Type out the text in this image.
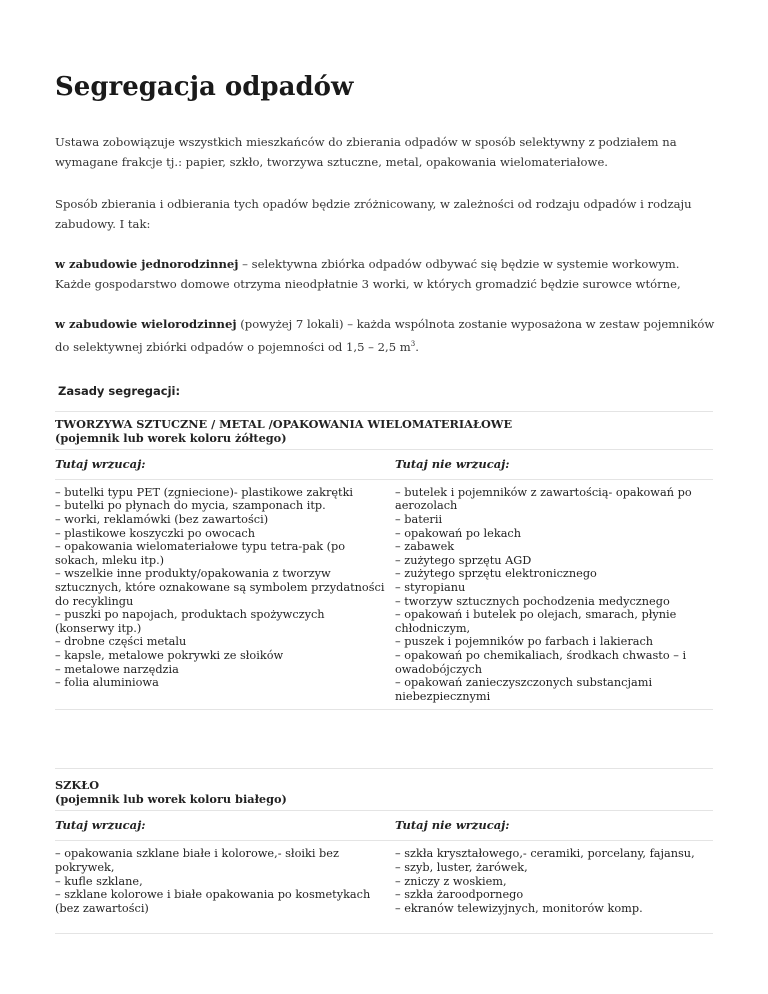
Segregacja odpadów

Ustawa zobowiązuje wszystkich mieszkańców do zbierania odpadów w sposób selektywny z podziałem na wymagane frakcje tj.: papier, szkło, tworzywa sztuczne, metal, opakowania wielomateriałowe.

Sposób zbierania i odbierania tych opadów będzie zróżnicowany, w zależności od rodzaju odpadów i rodzaju zabudowy. I tak:

w zabudowie jednorodzinnej – selektywna zbiórka odpadów odbywać się będzie w systemie workowym. Każde gospodarstwo domowe otrzyma nieodpłatnie 3 worki, w których gromadzić będzie surowce wtórne,

w zabudowie wielorodzinnej (powyżej 7 lokali) – każda wspólnota zostanie wyposażona w zestaw pojemników do selektywnej zbiórki odpadów o pojemności od 1,5 – 2,5 $m^3$.

Zasady segregacji:
TWORZYWA SZTUCZNE / METAL /OPAKOWANIA WIELOMATERIAŁOWE
(pojemnik lub worek koloru żółtego)
Tutaj wrzucaj:	Tutaj nie wrzucaj:
– butelki typu PET (zgniecione)- plastikowe zakrętki
– butelki po płynach do mycia, szamponach itp.
– worki, reklamówki (bez zawartości)
– plastikowe koszyczki po owocach
– opakowania wielomateriałowe typu tetra-pak (po sokach, mleku itp.)
– wszelkie inne produkty/opakowania z tworzyw sztucznych, które oznakowane są symbolem przydatności do recyklingu
– puszki po napojach, produktach spożywczych (konserwy itp.)
– drobne części metalu
– kapsle, metalowe pokrywki ze słoików
– metalowe narzędzia
– folia aluminiowa
– butelek i pojemników z zawartością- opakowań po aerozolach
– baterii
– opakowań po lekach
– zabawek
– zużytego sprzętu AGD
– zużytego sprzętu elektronicznego
– styropianu
– tworzyw sztucznych pochodzenia medycznego
– opakowań i butelek po olejach, smarach, płynie chłodniczym,
– puszek i pojemników po farbach i lakierach
– opakowań po chemikaliach, środkach chwasto – i owadobójczych
– opakowań zanieczyszczonych substancjami niebezpiecznymi
SZKŁO
(pojemnik lub worek koloru białego)
Tutaj wrzucaj:	Tutaj nie wrzucaj:
– opakowania szklane białe i kolorowe,- słoiki bez pokrywek,
– kufle szklane,
– szklane kolorowe i białe opakowania po kosmetykach (bez zawartości)
– szkła kryształowego,- ceramiki, porcelany, fajansu,
– szyb, luster, żarówek,
– zniczy z woskiem,
– szkła żaroodpornego
– ekranów telewizyjnych, monitorów komp.
